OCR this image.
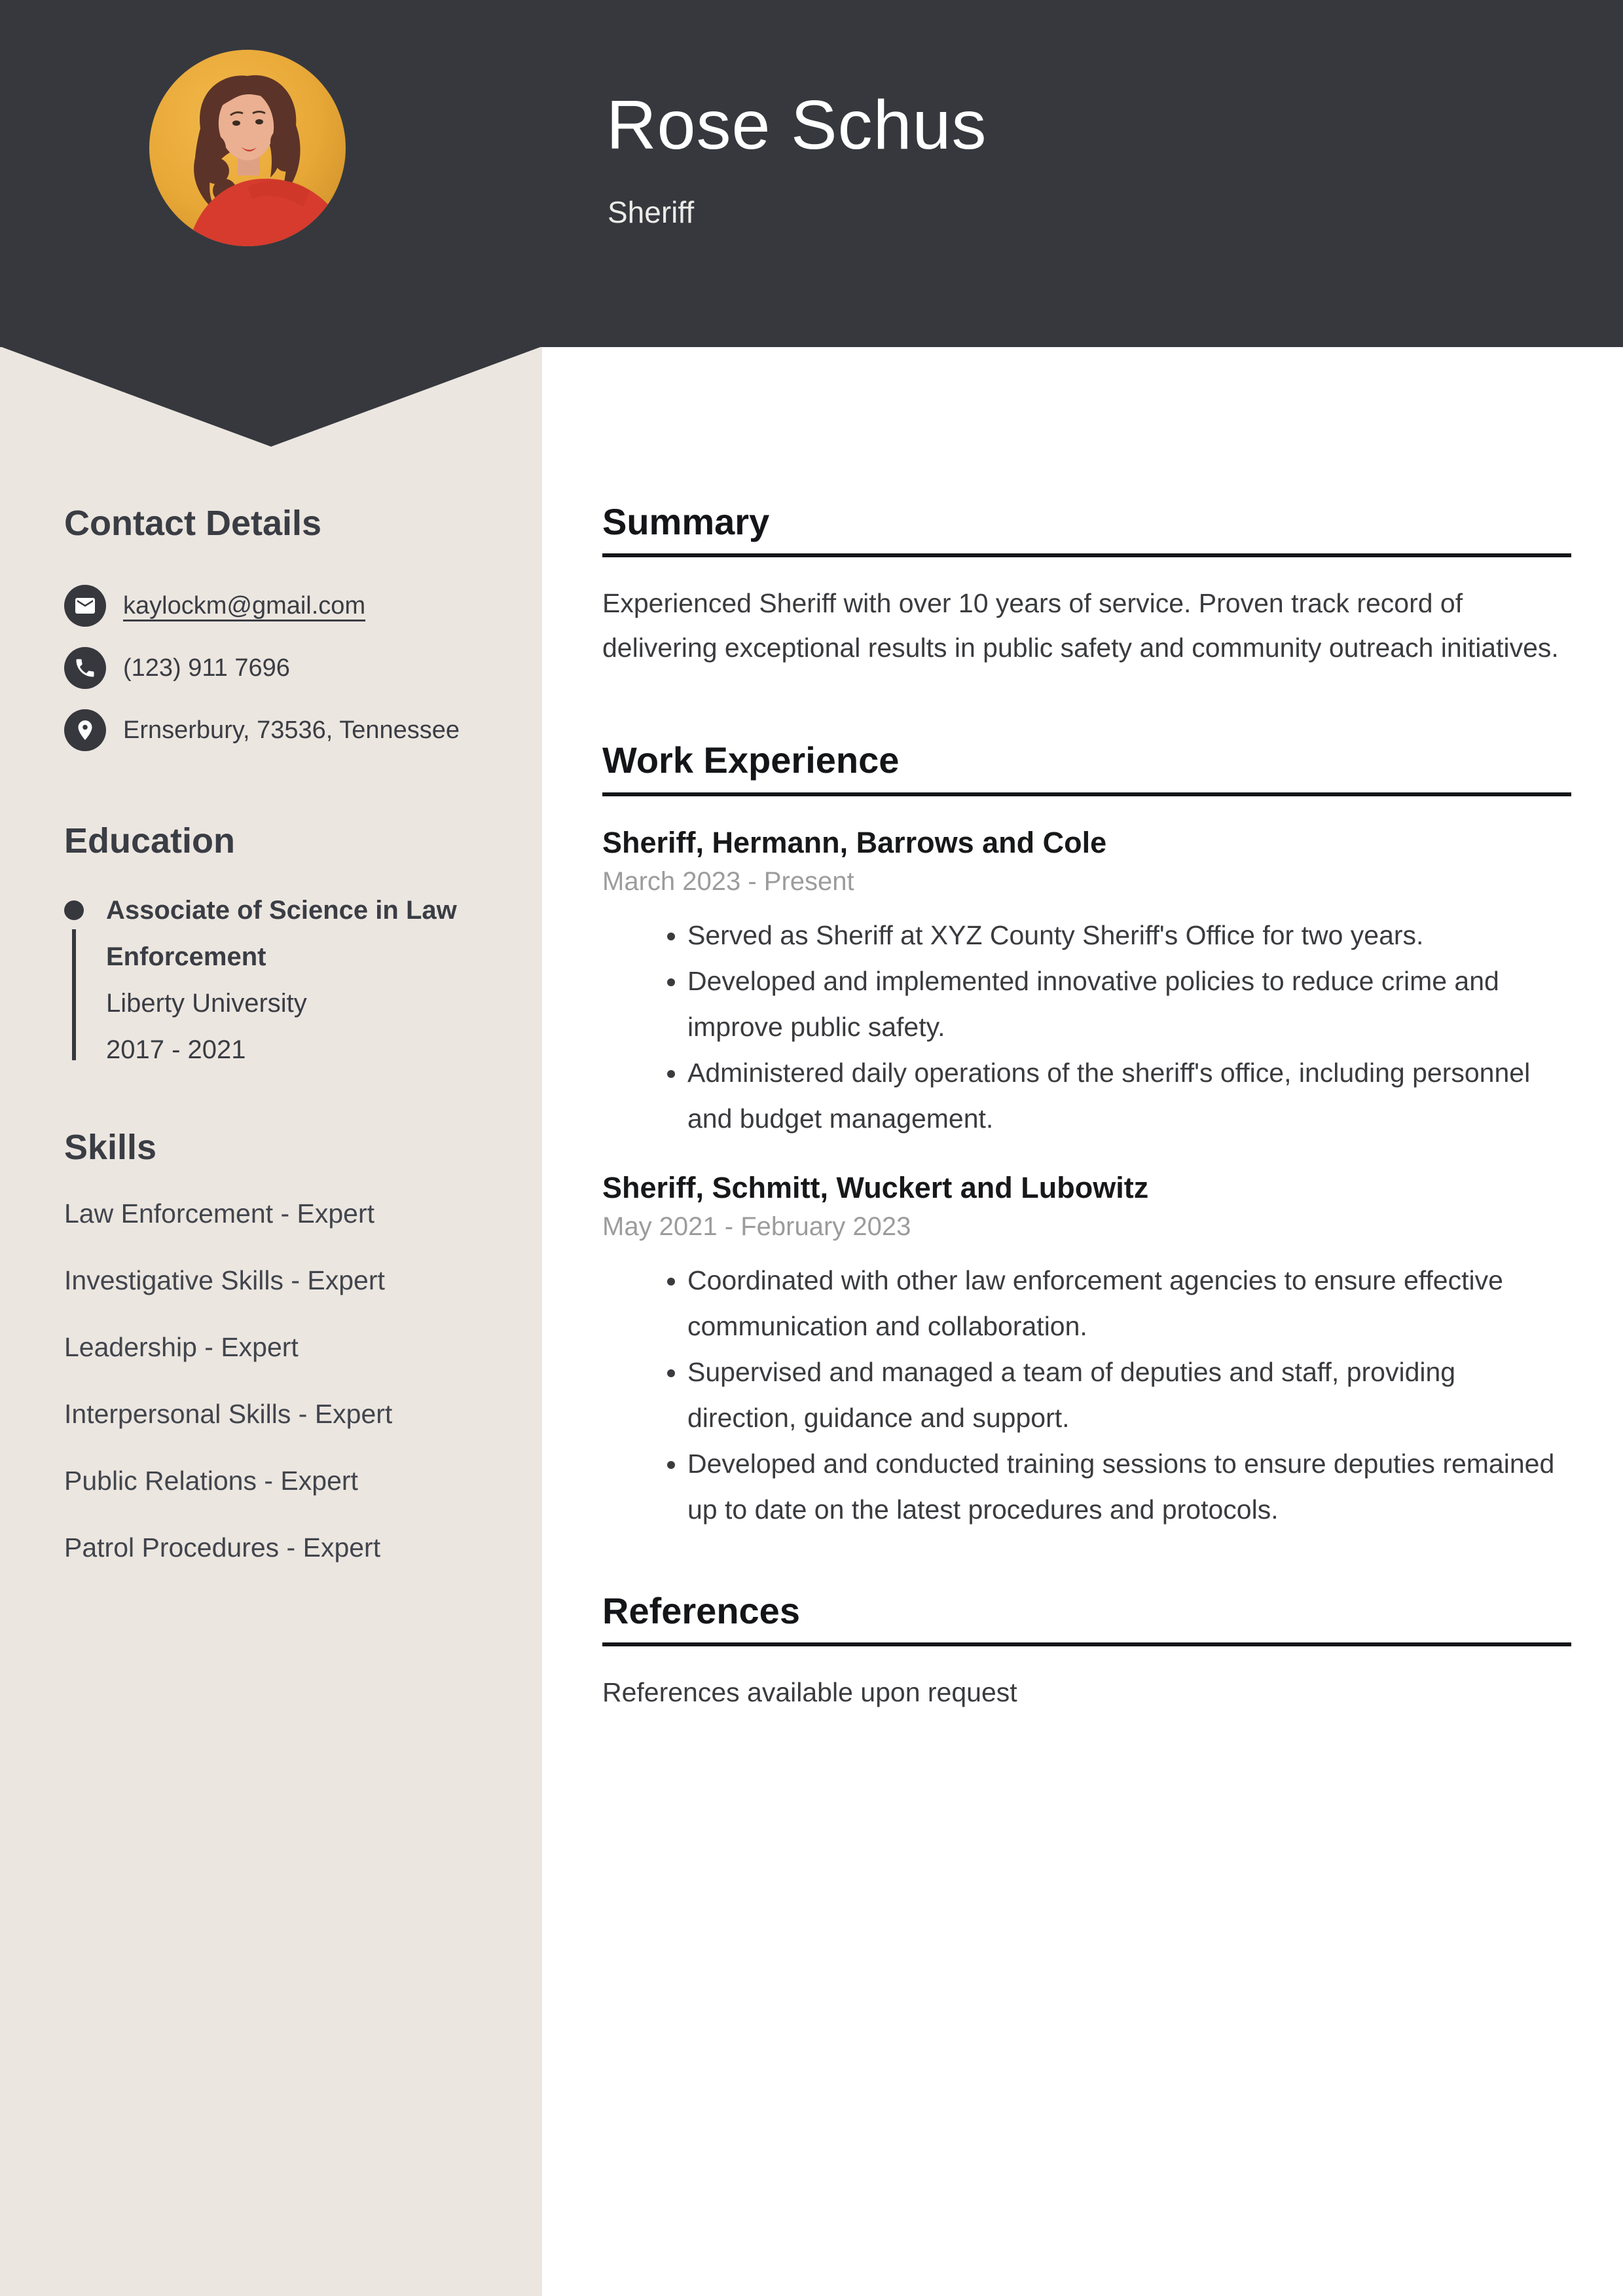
Rose Schus
Sheriff
Contact Details
kaylockm@gmail.com
(123) 911 7696
Ernserbury, 73536, Tennessee
Education
Associate of Science in Law Enforcement
Liberty University
2017 - 2021
Skills
Law Enforcement - Expert
Investigative Skills - Expert
Leadership - Expert
Interpersonal Skills - Expert
Public Relations - Expert
Patrol Procedures - Expert
Summary

Experienced Sheriff with over 10 years of service. Proven track record of delivering exceptional results in public safety and community outreach initiatives.

Work Experience
Sheriff, Hermann, Barrows and Cole
March 2023 - Present
• Served as Sheriff at XYZ County Sheriff's Office for two years.
• Developed and implemented innovative policies to reduce crime and improve public safety.
• Administered daily operations of the sheriff's office, including personnel and budget management.
Sheriff, Schmitt, Wuckert and Lubowitz
May 2021 - February 2023
• Coordinated with other law enforcement agencies to ensure effective communication and collaboration.
• Supervised and managed a team of deputies and staff, providing direction, guidance and support.
• Developed and conducted training sessions to ensure deputies remained up to date on the latest procedures and protocols.
References

References available upon request
